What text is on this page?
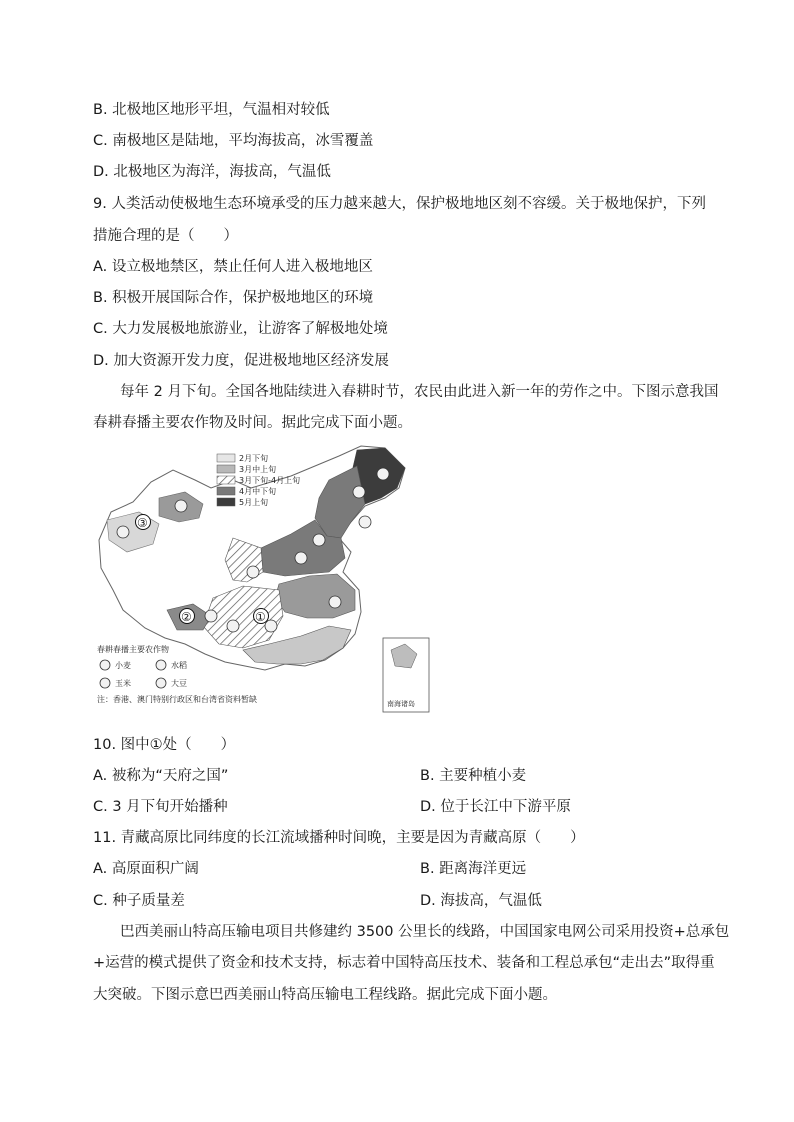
B. 北极地区地形平坦，气温相对较低
C. 南极地区是陆地，平均海拔高，冰雪覆盖
D. 北极地区为海洋，海拔高，气温低
9. 人类活动使极地生态环境承受的压力越来越大，保护极地地区刻不容缓。关于极地保护，下列
措施合理的是（　　）
A. 设立极地禁区，禁止任何人进入极地地区
B. 积极开展国际合作，保护极地地区的环境
C. 大力发展极地旅游业，让游客了解极地处境
D. 加大资源开发力度，促进极地地区经济发展
每年 2 月下旬。全国各地陆续进入春耕时节，农民由此进入新一年的劳作之中。下图示意我国
春耕春播主要农作物及时间。据此完成下面小题。
南海诸岛
2月下旬
3月中上旬
3月下旬-4月上旬
4月中下旬
5月上旬
①
②
③
春耕春播主要农作物
小麦	水稻
玉米	大豆
注：香港、澳门特别行政区和台湾省资料暂缺
10. 图中①处（　　）
A. 被称为“天府之国”	B. 主要种植小麦
C. 3 月下旬开始播种	D. 位于长江中下游平原
11. 青藏高原比同纬度的长江流域播种时间晚，主要是因为青藏高原（　　）
A. 高原面积广阔	B. 距离海洋更远
C. 种子质量差	D. 海拔高，气温低
巴西美丽山特高压输电项目共修建约 3500 公里长的线路，中国国家电网公司采用投资+总承包
+运营的模式提供了资金和技术支持，标志着中国特高压技术、装备和工程总承包“走出去”取得重
大突破。下图示意巴西美丽山特高压输电工程线路。据此完成下面小题。
